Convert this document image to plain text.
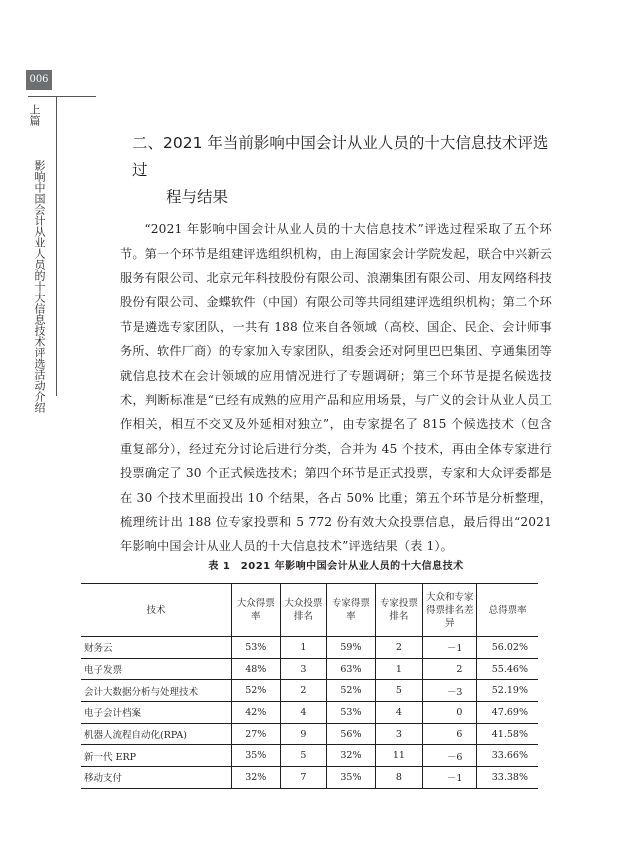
006
上篇
影响中国会计从业人员的十大信息技术评选活动介绍
二、2021 年当前影响中国会计从业人员的十大信息技术评选过
程与结果

“2021 年影响中国会计从业人员的十大信息技术”评选过程采取了五个环节。第一个环节是组建评选组织机构，由上海国家会计学院发起，联合中兴新云服务有限公司、北京元年科技股份有限公司、浪潮集团有限公司、用友网络科技股份有限公司、金蝶软件（中国）有限公司等共同组建评选组织机构；第二个环节是遴选专家团队，一共有 188 位来自各领域（高校、国企、民企、会计师事务所、软件厂商）的专家加入专家团队，组委会还对阿里巴巴集团、亨通集团等就信息技术在会计领域的应用情况进行了专题调研；第三个环节是提名候选技术，判断标准是“已经有成熟的应用产品和应用场景，与广义的会计从业人员工作相关，相互不交叉及外延相对独立”，由专家提名了 815 个候选技术（包含重复部分），经过充分讨论后进行分类，合并为 45 个技术，再由全体专家进行投票确定了 30 个正式候选技术；第四个环节是正式投票，专家和大众评委都是在 30 个技术里面投出 10 个结果，各占 50% 比重；第五个环节是分析整理，梳理统计出 188 位专家投票和 5 772 份有效大众投票信息，最后得出“2021 年影响中国会计从业人员的十大信息技术”评选结果（表 1）。

表 1　2021 年影响中国会计从业人员的十大信息技术
技术	大众得票率	大众投票排名	专家得票率	专家投票排名	大众和专家得票排名差异	总得票率
财务云	53%	1	59%	2	－1	56.02%
电子发票	48%	3	63%	1	2	55.46%
会计大数据分析与处理技术	52%	2	52%	5	－3	52.19%
电子会计档案	42%	4	53%	4	0	47.69%
机器人流程自动化(RPA)	27%	9	56%	3	6	41.58%
新一代 ERP	35%	5	32%	11	－6	33.66%
移动支付	32%	7	35%	8	－1	33.38%
